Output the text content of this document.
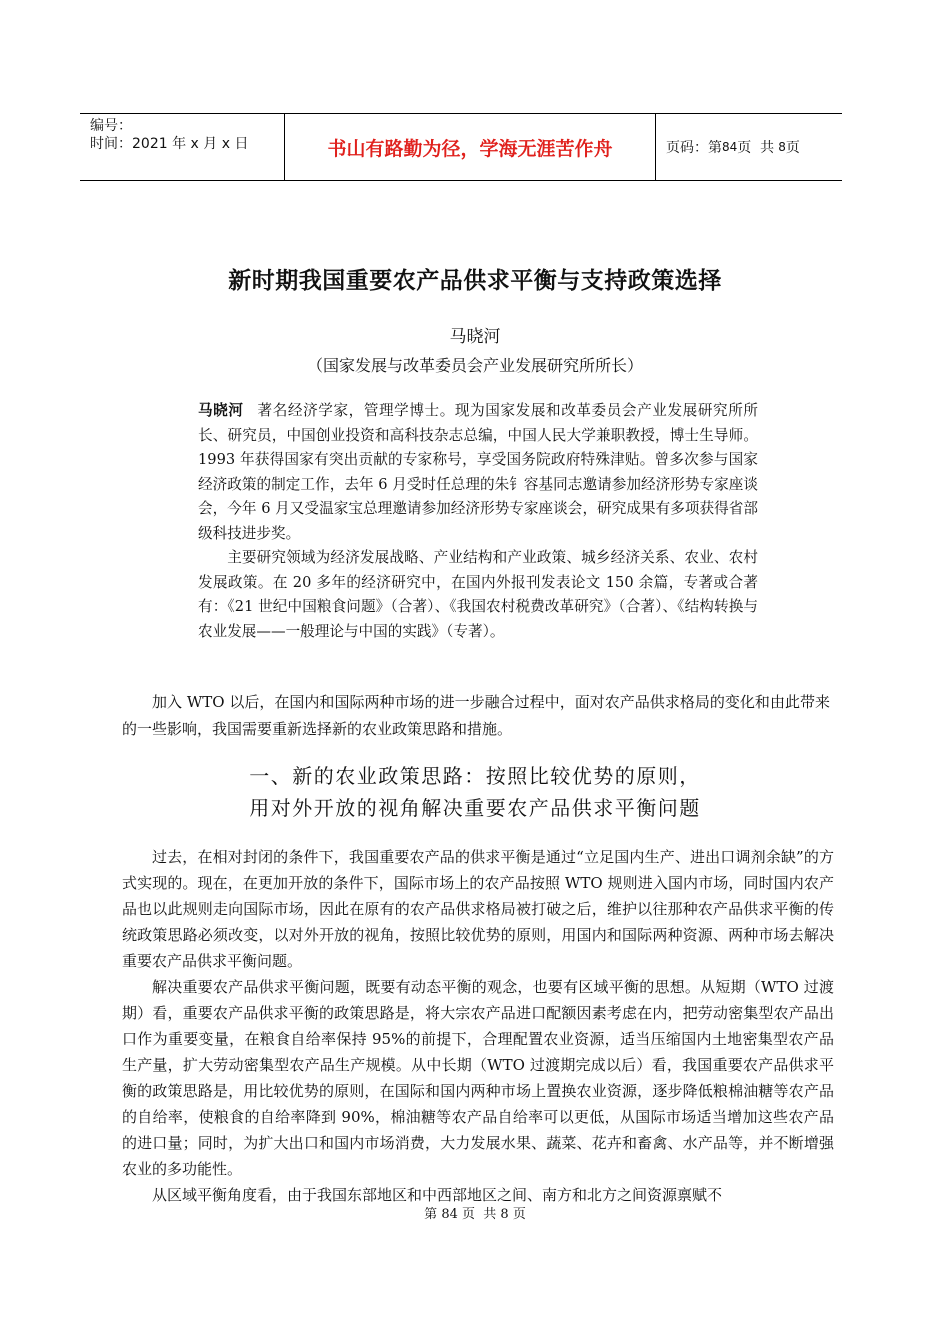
编号：
时间：2021 年 x 月 x 日	书山有路勤为径，学海无涯苦作舟	页码：第 84 页  共 8 页
新时期我国重要农产品供求平衡与支持政策选择
马晓河
（国家发展与改革委员会产业发展研究所所长）

马晓河 著名经济学家，管理学博士。现为国家发展和改革委员会产业发展研究所所长、研究员，中国创业投资和高科技杂志总编，中国人民大学兼职教授，博士生导师。1993 年获得国家有突出贡献的专家称号，享受国务院政府特殊津贴。曾多次参与国家经济政策的制定工作，去年 6 月受时任总理的朱钅容基同志邀请参加经济形势专家座谈会，今年 6 月又受温家宝总理邀请参加经济形势专家座谈会，研究成果有多项获得省部级科技进步奖。

主要研究领域为经济发展战略、产业结构和产业政策、城乡经济关系、农业、农村发展政策。在 20 多年的经济研究中，在国内外报刊发表论文 150 余篇，专著或合著有：《21 世纪中国粮食问题》（合著）、《我国农村税费改革研究》（合著）、《结构转换与农业发展——一般理论与中国的实践》（专著）。

加入 WTO 以后，在国内和国际两种市场的进一步融合过程中，面对农产品供求格局的变化和由此带来的一些影响，我国需要重新选择新的农业政策思路和措施。

一、新的农业政策思路：按照比较优势的原则，
用对外开放的视角解决重要农产品供求平衡问题

过去，在相对封闭的条件下，我国重要农产品的供求平衡是通过“立足国内生产、进出口调剂余缺”的方式实现的。现在，在更加开放的条件下，国际市场上的农产品按照 WTO 规则进入国内市场，同时国内农产品也以此规则走向国际市场，因此在原有的农产品供求格局被打破之后，维护以往那种农产品供求平衡的传统政策思路必须改变，以对外开放的视角，按照比较优势的原则，用国内和国际两种资源、两种市场去解决重要农产品供求平衡问题。

解决重要农产品供求平衡问题，既要有动态平衡的观念，也要有区域平衡的思想。从短期（WTO 过渡期）看，重要农产品供求平衡的政策思路是，将大宗农产品进口配额因素考虑在内，把劳动密集型农产品出口作为重要变量，在粮食自给率保持 95%的前提下，合理配置农业资源，适当压缩国内土地密集型农产品生产量，扩大劳动密集型农产品生产规模。从中长期（WTO 过渡期完成以后）看，我国重要农产品供求平衡的政策思路是，用比较优势的原则，在国际和国内两种市场上置换农业资源，逐步降低粮棉油糖等农产品的自给率，使粮食的自给率降到 90%，棉油糖等农产品自给率可以更低，从国际市场适当增加这些农产品的进口量；同时，为扩大出口和国内市场消费，大力发展水果、蔬菜、花卉和畜禽、水产品等，并不断增强农业的多功能性。

从区域平衡角度看，由于我国东部地区和中西部地区之间、南方和北方之间资源禀赋不

第 84 页  共 8 页
